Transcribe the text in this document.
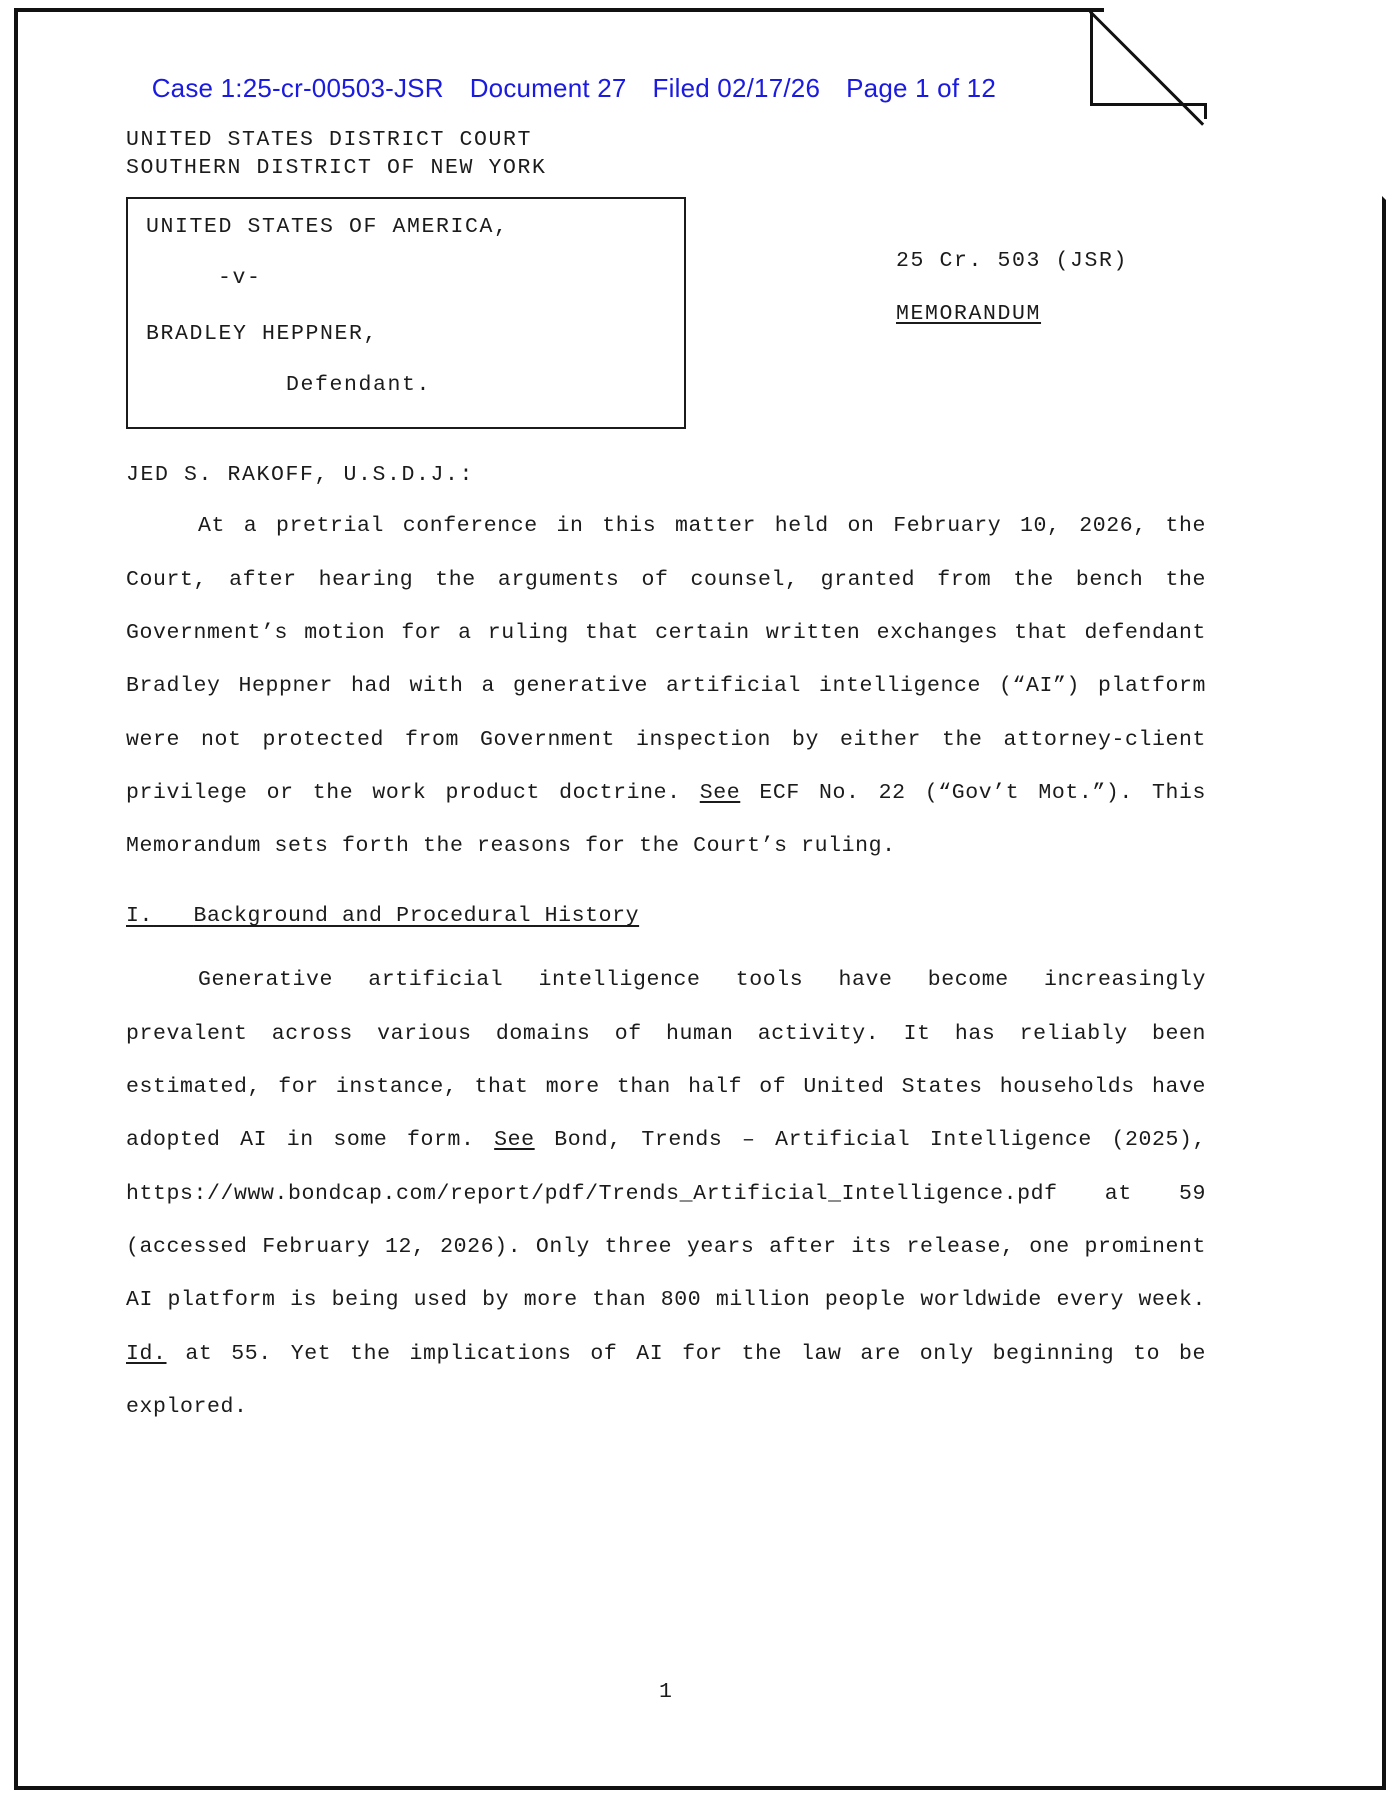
Case 1:25-cr-00503-JSR Document 27 Filed 02/17/26 Page 1 of 12

UNITED STATES DISTRICT COURT
SOUTHERN DISTRICT OF NEW YORK
UNITED STATES OF AMERICA,
-v-
BRADLEY HEPPNER,
Defendant.
25 Cr. 503 (JSR)
MEMORANDUM
JED S. RAKOFF, U.S.D.J.:

At a pretrial conference in this matter held on February 10, 2026, the Court, after hearing the arguments of counsel, granted from the bench the Government’s motion for a ruling that certain written exchanges that defendant Bradley Heppner had with a generative artificial intelligence (“AI”) platform were not protected from Government inspection by either the attorney-client privilege or the work product doctrine. See ECF No. 22 (“Gov’t Mot.”). This Memorandum sets forth the reasons for the Court’s ruling.

I. Background and Procedural History

Generative artificial intelligence tools have become increasingly prevalent across various domains of human activity. It has reliably been estimated, for instance, that more than half of United States households have adopted AI in some form. See Bond, Trends – Artificial Intelligence (2025), https://www.bondcap.com/report/pdf/Trends_Artificial_Intelligence.pdf at 59 (accessed February 12, 2026). Only three years after its release, one prominent AI platform is being used by more than 800 million people worldwide every week. Id. at 55. Yet the implications of AI for the law are only beginning to be explored.

1
